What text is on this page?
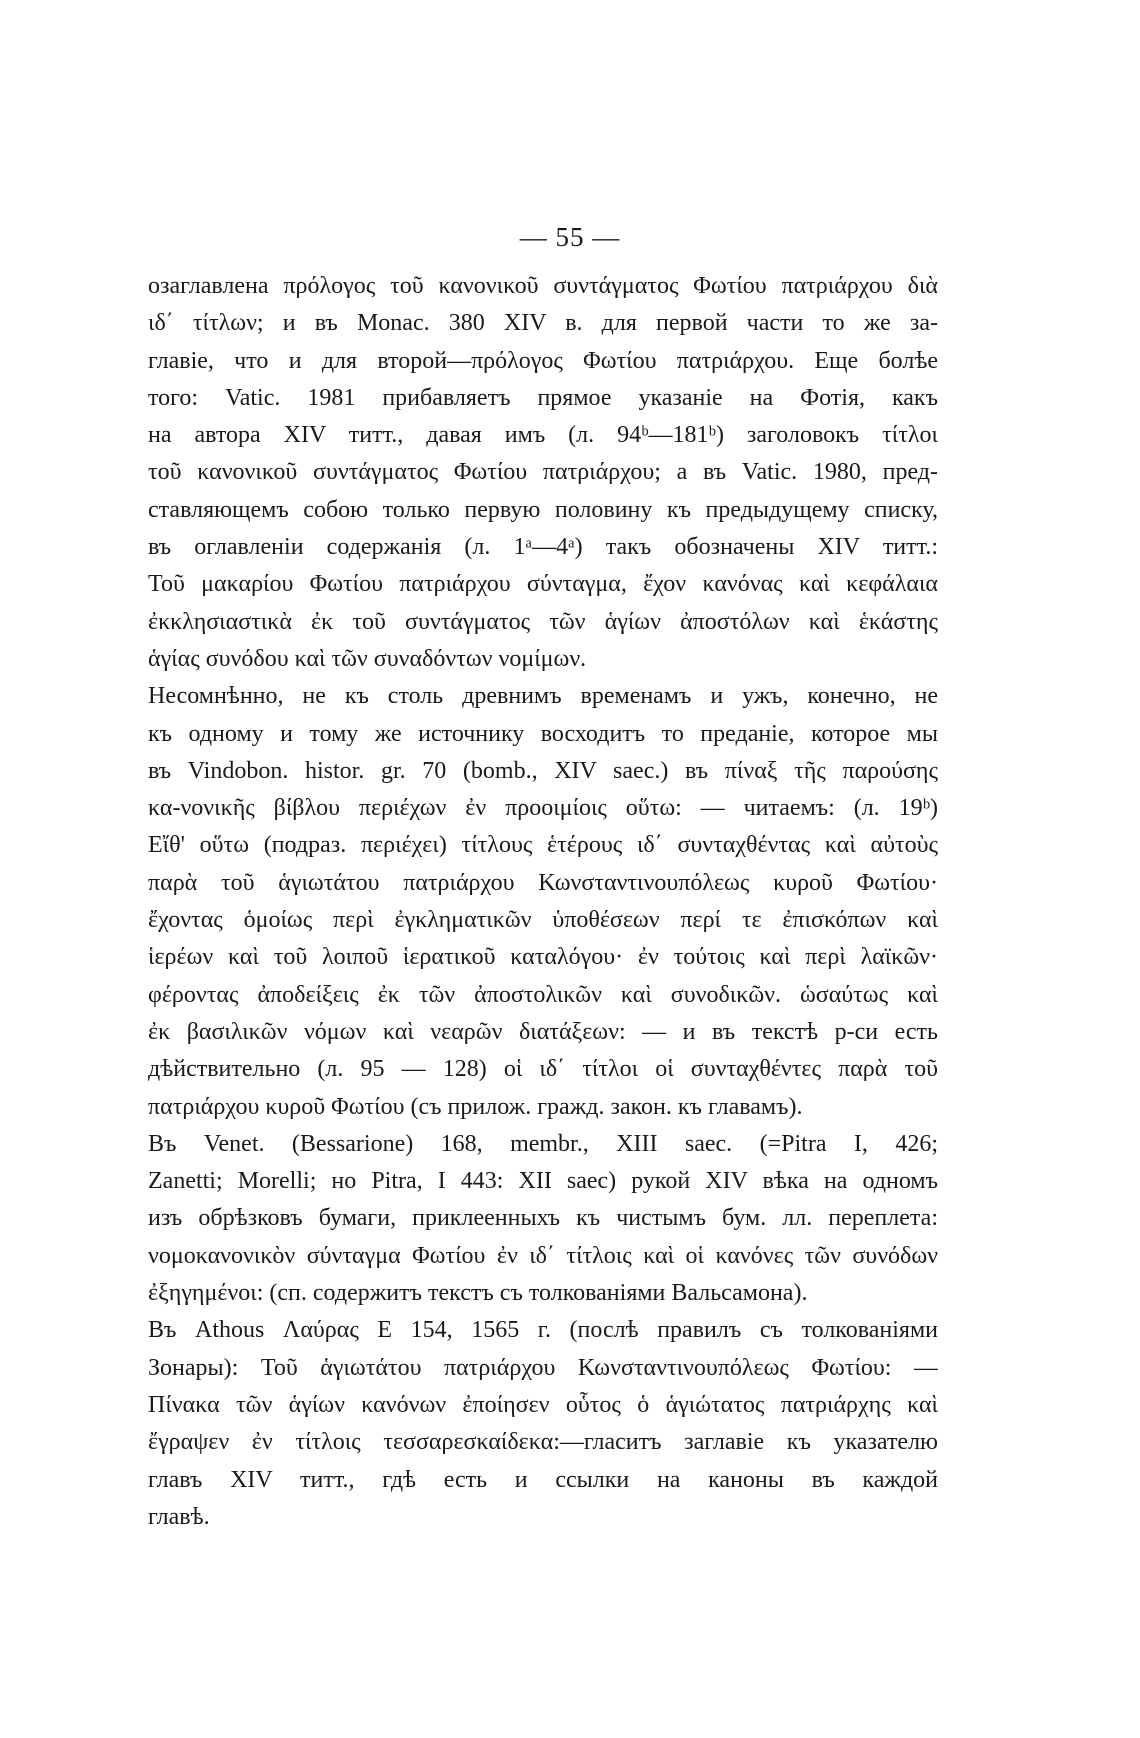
— 55 —
озаглавлена πρόλογος τοῦ κανονικοῦ συντάγματος Φωτίου πατριάρχου διὰ
ιδ΄ τίτλων; и въ Monac. 380 XIV в. для первой части то же за-
главіе, что и для второй—πρόλογος Φωτίου πατριάρχου. Еще болѣе
того: Vatic. 1981 прибавляетъ прямое указаніе на Фотія, какъ
на автора XIV титт., давая имъ (л. 94ᵇ—181ᵇ) заголовокъ τίτλοι
τοῦ κανονικοῦ συντάγματος Φωτίου πατριάρχου; а въ Vatic. 1980, пред-
ставляющемъ собою только первую половину къ предыдущему списку,
въ оглавленіи содержанія (л. 1ᵃ—4ᵃ) такъ обозначены XIV титт.:
Τοῦ μακαρίου Φωτίου πατριάρχου σύνταγμα, ἔχον κανόνας καὶ κεφάλαια
ἐκκλησιαστικὰ ἐκ τοῦ συντάγματος τῶν ἁγίων ἀποστόλων καὶ ἑκάστης
ἁγίας συνόδου καὶ τῶν συναδόντων νομίμων.
Несомнѣнно, не къ столь древнимъ временамъ и ужъ, конечно, не
къ одному и тому же источнику восходитъ то преданіе, которое мы
въ Vindobon. histor. gr. 70 (bomb., XIV saec.) въ πίναξ τῆς παρούσης
κα-νονικῆς βίβλου περιέχων ἐν προοιμίοις οὕτω: — читаемъ: (л. 19ᵇ)
Εἴθ' οὕτω (подраз. περιέχει) τίτλους ἑτέρους ιδ΄ συνταχθέντας καὶ αὐτοὺς
παρὰ τοῦ ἁγιωτάτου πατριάρχου Κωνσταντινουπόλεως κυροῦ Φωτίου·
ἔχοντας ὁμοίως περὶ ἐγκληματικῶν ὑποθέσεων περί τε ἐπισκόπων καὶ
ἱερέων καὶ τοῦ λοιποῦ ἱερατικοῦ καταλόγου· ἐν τούτοις καὶ περὶ λαϊκῶν·
φέροντας ἀποδείξεις ἐκ τῶν ἀποστολικῶν καὶ συνοδικῶν. ὡσαύτως καὶ
ἐκ βασιλικῶν νόμων καὶ νεαρῶν διατάξεων: — и въ текстѣ р-си есть
дѣйствительно (л. 95 — 128) οἱ ιδ΄ τίτλοι οἱ συνταχθέντες παρὰ τοῦ
πατριάρχου κυροῦ Φωτίου (съ прилож. гражд. закон. къ главамъ).
Въ Venet. (Bessarione) 168, membr., XIII saec. (=Pitra I, 426;
Zanetti; Morelli; но Pitra, I 443: XII saec) рукой XIV вѣка на одномъ
изъ обрѣзковъ бумаги, приклеенныхъ къ чистымъ бум. лл. переплета:
νομοκανονικὸν σύνταγμα Φωτίου ἐν ιδ΄ τίτλοις καὶ οἱ κανόνες τῶν συνόδων
ἐξηγημένοι: (сп. содержитъ текстъ съ толкованіями Вальсамона).
Въ Athous Λαύρας Ε 154, 1565 г. (послѣ правилъ съ толкованіями
Зонары): Τοῦ ἁγιωτάτου πατριάρχου Κωνσταντινουπόλεως Φωτίου: —
Πίνακα τῶν ἁγίων κανόνων ἐποίησεν οὗτος ὁ ἁγιώτατος πατριάρχης καὶ
ἔγραψεν ἐν τίτλοις τεσσαρεσκαίδεκα:—гласитъ заглавіе къ указателю
главъ XIV титт., гдѣ есть и ссылки на каноны въ каждой
главѣ.
